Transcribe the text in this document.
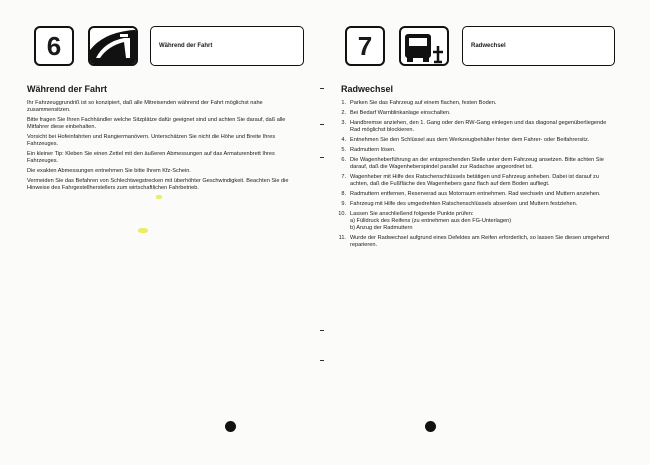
6	Während der Fahrt	7	Radwechsel
Während der Fahrt

Ihr Fahrzeuggrundriß ist so konzipiert, daß alle Mitreisenden während der Fahrt möglichst nahe zusammensitzen.

Bitte fragen Sie Ihren Fachhändler welche Sitzplätze dafür geeignet sind und achten Sie darauf, daß alle Mitfahrer diese einbehalten.

Vorsicht bei Hofeinfahrten und Rangiermanövern. Unterschätzen Sie nicht die Höhe und Breite Ihres Fahrzeuges.

Ein kleiner Tip: Kleben Sie einen Zettel mit den äußeren Abmessungen auf das Armaturenbrett Ihres Fahrzeuges.

Die exakten Abmessungen entnehmen Sie bitte Ihrem Kfz-Schein.

Vermeiden Sie das Befahren von Schlechtwegstrecken mit überhöhter Geschwindigkeit. Beachten Sie die Hinweise des Fahrgestellherstellers zum wirtschaftlichen Fahrbetrieb.

Radwechsel
1. Parken Sie das Fahrzeug auf einem flachen, festen Boden.
2. Bei Bedarf Warnblinkanlage einschalten.
3. Handbremse anziehen, den 1. Gang oder den RW-Gang einlegen und das diagonal gegenüberliegende Rad möglichst blockieren.
4. Entnehmen Sie den Schlüssel aus dem Werkzeugbehälter hinter dem Fahrer- oder Beifahrersitz.
5. Radmuttern lösen.
6. Die Wagenheberführung an der entsprechenden Stelle unter dem Fahrzeug ansetzen. Bitte achten Sie darauf, daß die Wagenheberspindel parallel zur Radachse angeordnet ist.
7. Wagenheber mit Hilfe des Ratschenschlüssels betätigen und Fahrzeug anheben. Dabei ist darauf zu achten, daß die Fußfläche des Wagenhebers ganz flach auf dem Boden aufliegt.
8. Radmuttern entfernen, Reserverad aus Motorraum entnehmen. Rad wechseln und Muttern anziehen.
9. Fahrzeug mit Hilfe des umgedrehten Ratschenschlüssels absenken und Muttern festziehen.
10. Lassen Sie anschließend folgende Punkte prüfen:
a) Fülldruck des Reifens (zu entnehmen aus den FG-Unterlagen)
b) Anzug der Radmuttern
11. Wurde der Radwechsel aufgrund eines Defektes am Reifen erforderlich, so lassen Sie diesen umgehend reparieren.
